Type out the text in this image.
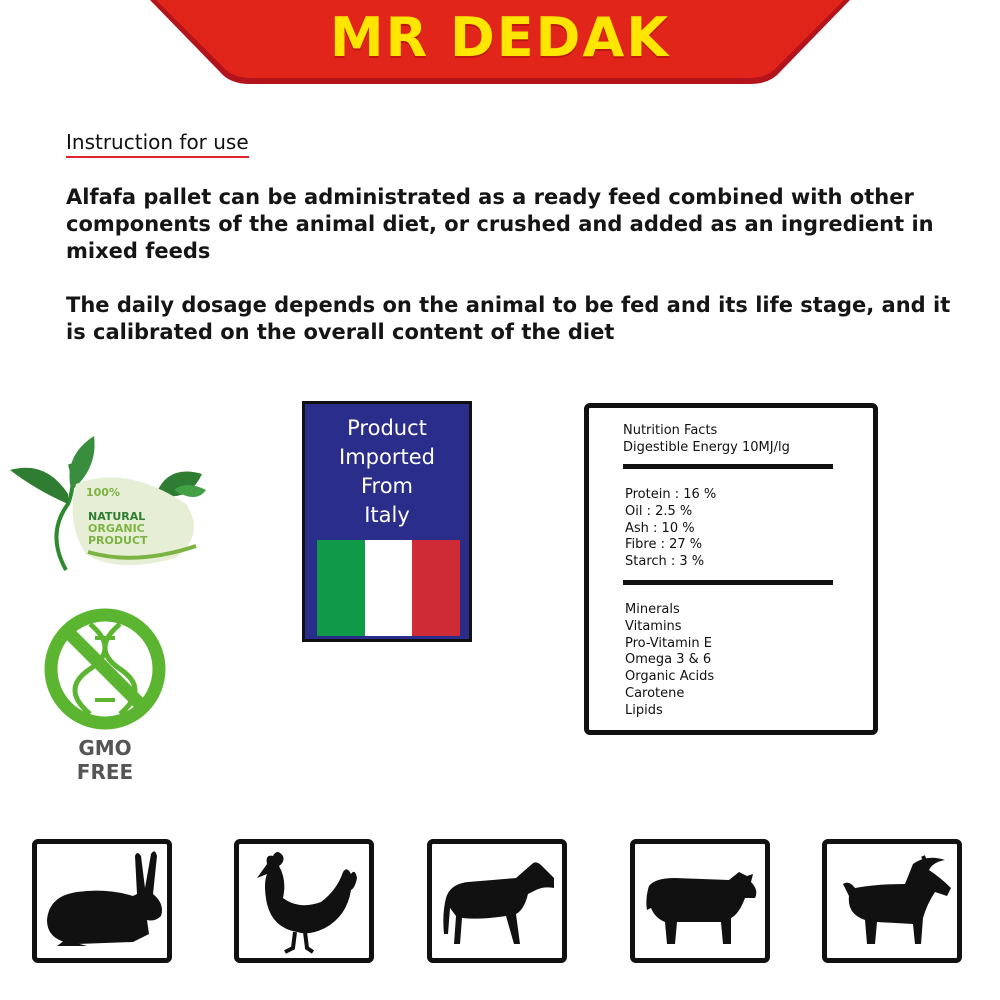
MR DEDAK
Instruction for use
Alfafa pallet can be administrated as a ready feed combined with other components of the animal diet, or crushed and added as an ingredient in mixed feeds
The daily dosage depends on the animal to be fed and its life stage, and it is calibrated on the overall content of the diet
100%
NATURAL
ORGANIC
PRODUCT
GMO
FREE
Product
Imported
From
Italy
Nutrition Facts
Digestible Energy 10MJ/lg
Protein : 16 %
Oil : 2.5 %
Ash : 10 %
Fibre : 27 %
Starch : 3 %
Minerals
Vitamins
Pro-Vitamin E
Omega 3 & 6
Organic Acids
Carotene
Lipids
